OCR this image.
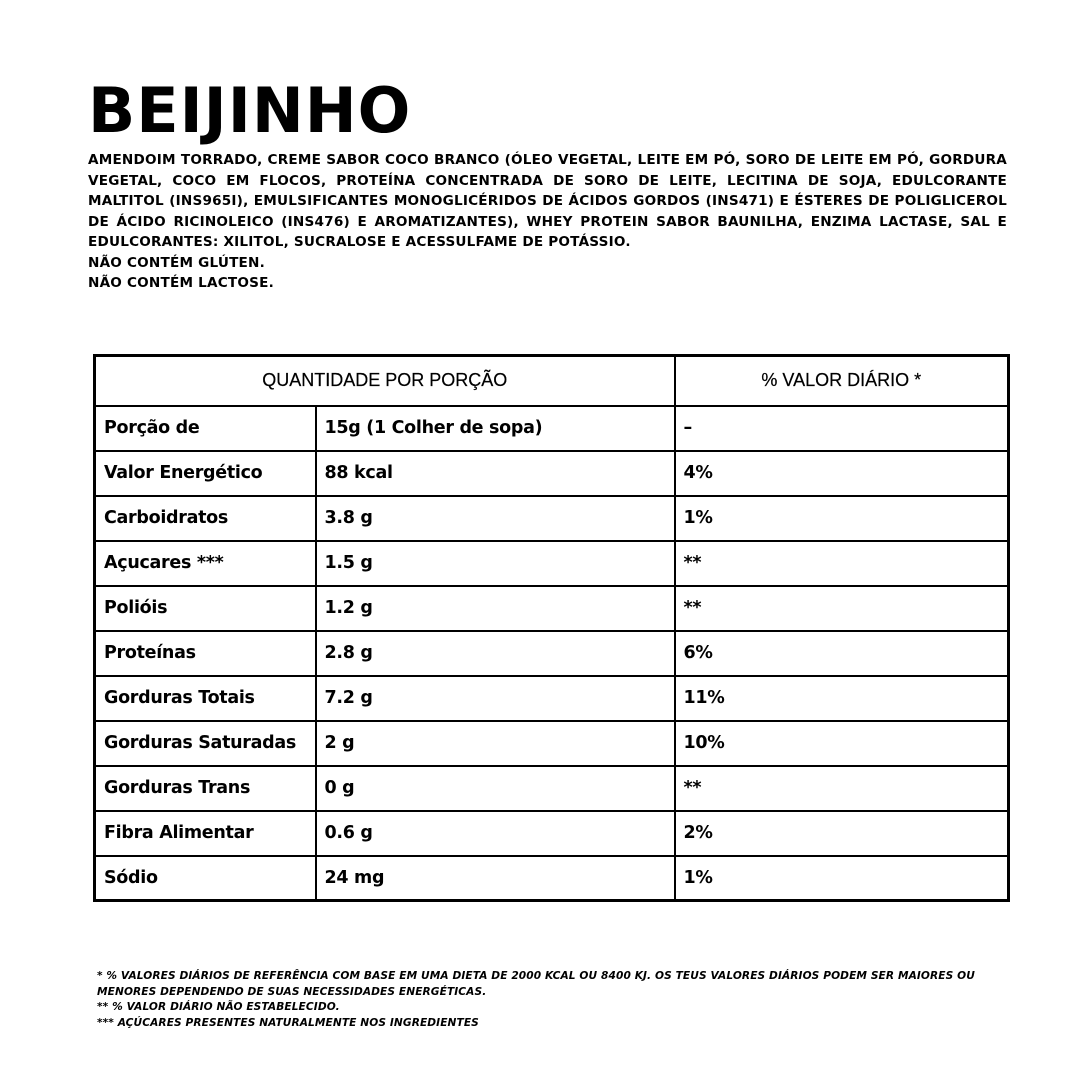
BEIJINHO

AMENDOIM TORRADO, CREME SABOR COCO BRANCO (ÓLEO VEGETAL, LEITE EM PÓ, SORO DE LEITE EM PÓ, GORDURA VEGETAL, COCO EM FLOCOS, PROTEÍNA CONCENTRADA DE SORO DE LEITE, LECITINA DE SOJA, EDULCORANTE MALTITOL (INS965I), EMULSIFICANTES MONOGLICÉRIDOS DE ÁCIDOS GORDOS (INS471) E ÉSTERES DE POLIGLICEROL DE ÁCIDO RICINOLEICO (INS476) E AROMATIZANTES), WHEY PROTEIN SABOR BAUNILHA, ENZIMA LACTASE, SAL E EDULCORANTES: XILITOL, SUCRALOSE E ACESSULFAME DE POTÁSSIO.

NÃO CONTÉM GLÚTEN.

NÃO CONTÉM LACTOSE.

QUANTIDADE POR PORÇÃO		% VALOR DIÁRIO *
Porção de	15g (1 Colher de sopa)	–
Valor Energético	88 kcal	4%
Carboidratos	3.8 g	1%
Açucares ***	1.5 g	**
Polióis	1.2 g	**
Proteínas	2.8 g	6%
Gorduras Totais	7.2 g	11%
Gorduras Saturadas	2 g	10%
Gorduras Trans	0 g	**
Fibra Alimentar	0.6 g	2%
Sódio	24 mg	1%

* % VALORES DIÁRIOS DE REFERÊNCIA COM BASE EM UMA DIETA DE 2000 KCAL OU 8400 KJ. OS TEUS VALORES DIÁRIOS PODEM SER MAIORES OU MENORES DEPENDENDO DE SUAS NECESSIDADES ENERGÉTICAS.

** % VALOR DIÁRIO NÃO ESTABELECIDO.

*** AÇÚCARES PRESENTES NATURALMENTE NOS INGREDIENTES
